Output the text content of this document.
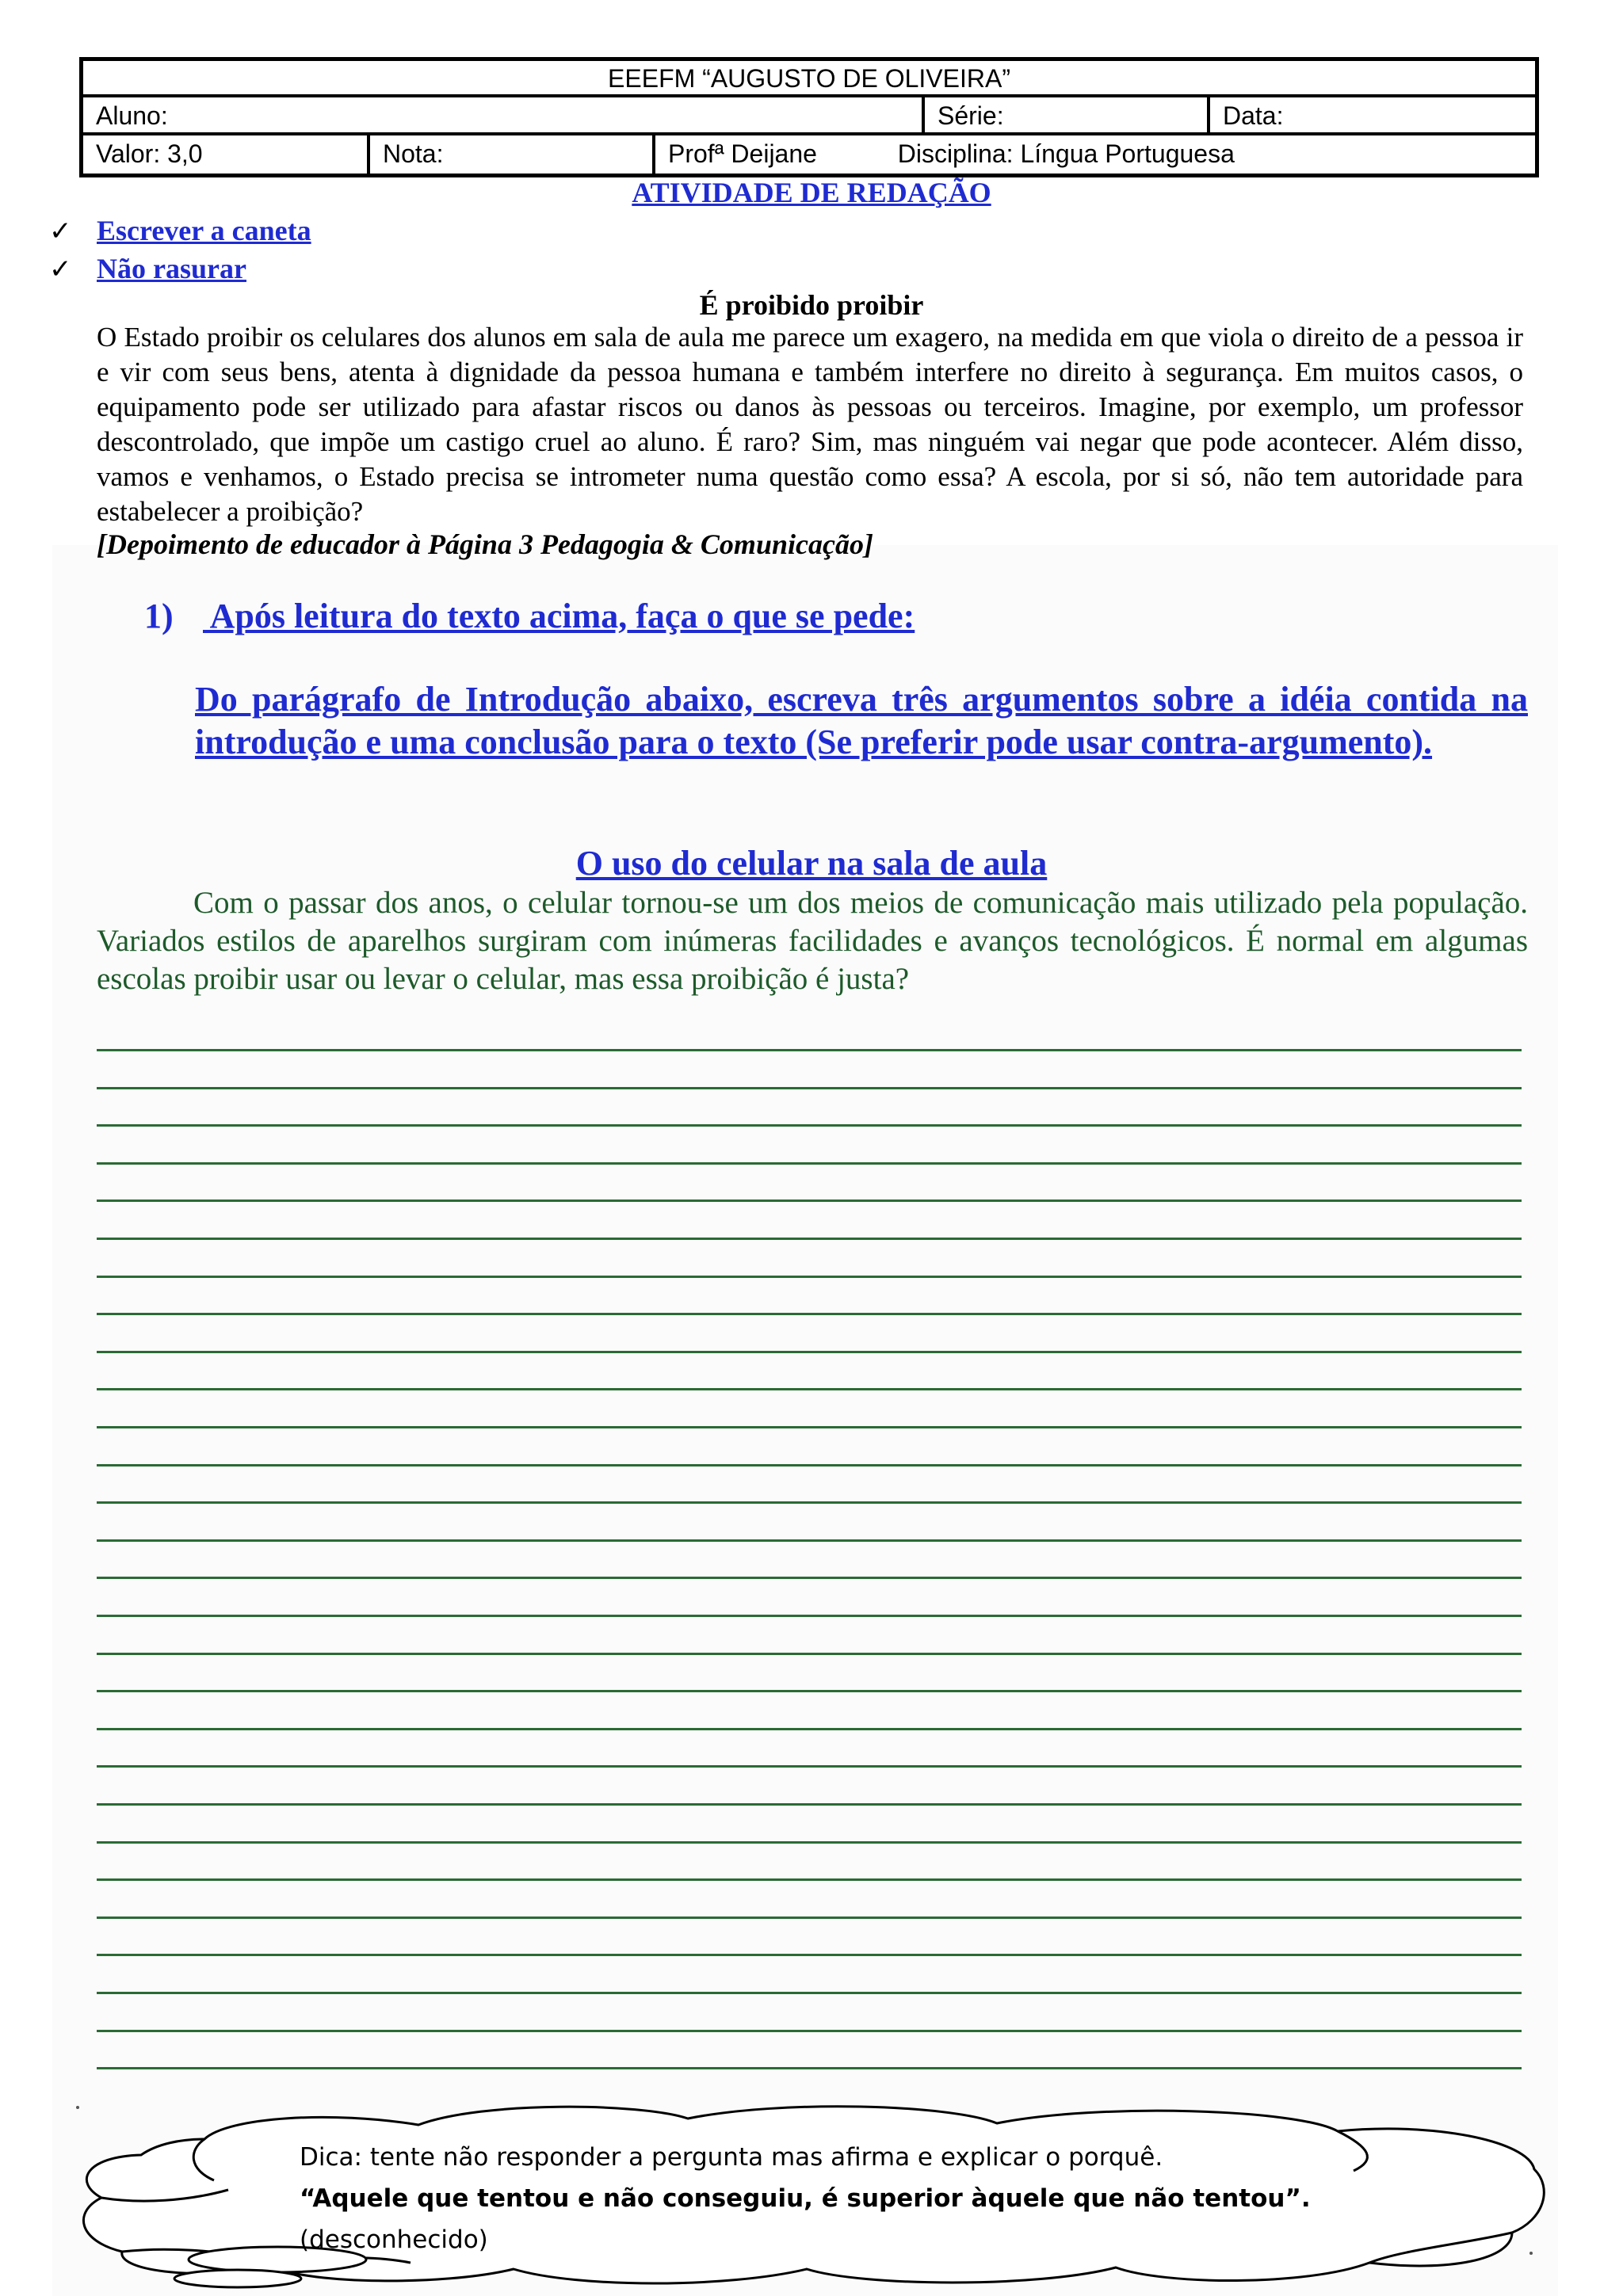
EEEFM “AUGUSTO DE OLIVEIRA”
Aluno:	Série:	Data:
Valor: 3,0	Nota:	Profª Deijane	Disciplina: Língua Portuguesa
ATIVIDADE DE REDAÇÃO
✓ Escrever a caneta
✓ Não rasurar
É proibido proibir
O Estado proibir os celulares dos alunos em sala de aula me parece um exagero, na medida em que viola o direito de a pessoa ir e vir com seus bens, atenta à dignidade da pessoa humana e também interfere no direito à segurança. Em muitos casos, o equipamento pode ser utilizado para afastar riscos ou danos às pessoas ou terceiros. Imagine, por exemplo, um professor descontrolado, que impõe um castigo cruel ao aluno. É raro? Sim, mas ninguém vai negar que pode acontecer. Além disso, vamos e venhamos, o Estado precisa se intrometer numa questão como essa? A escola, por si só, não tem autoridade para estabelecer a proibição?
[Depoimento de educador à Página 3 Pedagogia & Comunicação]
1) Após leitura do texto acima, faça o que se pede:
Do parágrafo de Introdução abaixo, escreva três argumentos sobre a idéia contida na introdução e uma conclusão para o texto (Se preferir pode usar contra-argumento).
O uso do celular na sala de aula
Com o passar dos anos, o celular tornou-se um dos meios de comunicação mais utilizado pela população. Variados estilos de aparelhos surgiram com inúmeras facilidades e avanços tecnológicos. É normal em algumas escolas proibir usar ou levar o celular, mas essa proibição é justa?
Dica: tente não responder a pergunta mas afirma e explicar o porquê.
“Aquele que tentou e não conseguiu, é superior àquele que não tentou”.
(desconhecido)
